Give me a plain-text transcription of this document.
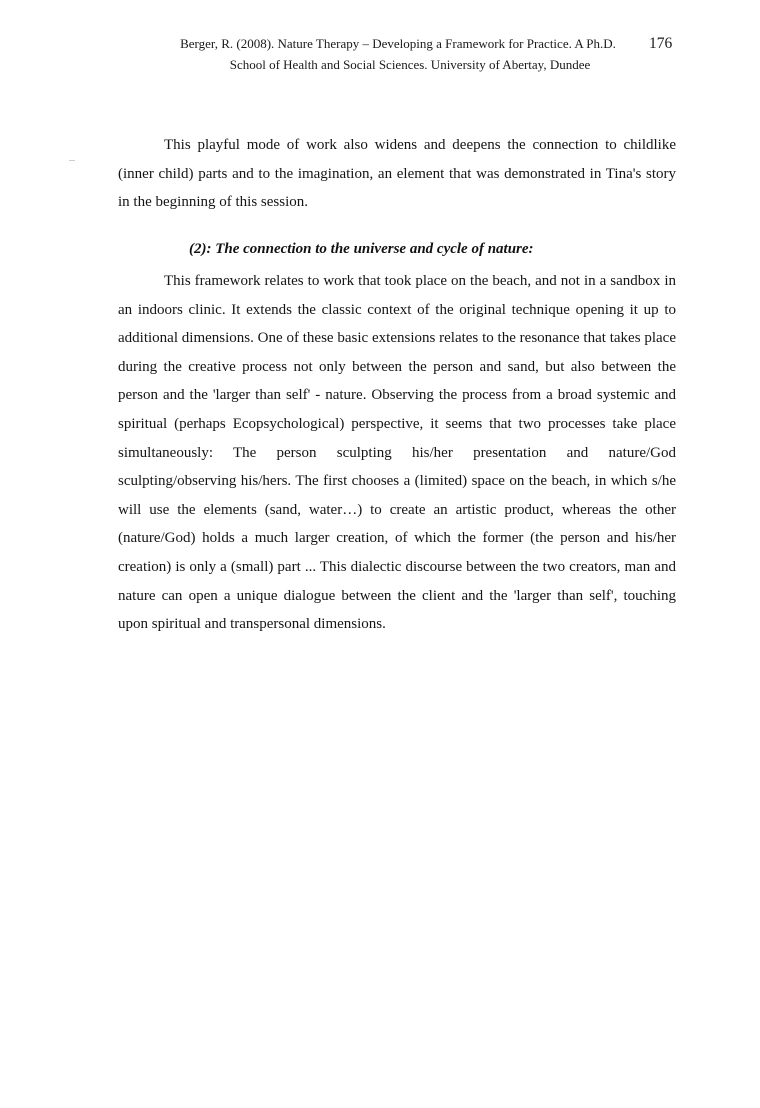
Berger, R. (2008). Nature Therapy – Developing a Framework for Practice. A Ph.D.
School of Health and Social Sciences. University of Abertay, Dundee
176

This playful mode of work also widens and deepens the connection to childlike (inner child) parts and to the imagination, an element that was demonstrated in Tina's story in the beginning of this session.

(2): The connection to the universe and cycle of nature:

This framework relates to work that took place on the beach, and not in a sandbox in an indoors clinic. It extends the classic context of the original technique opening it up to additional dimensions. One of these basic extensions relates to the resonance that takes place during the creative process not only between the person and sand, but also between the person and the 'larger than self' - nature. Observing the process from a broad systemic and spiritual (perhaps Ecopsychological) perspective, it seems that two processes take place simultaneously: The person sculpting his/her presentation and nature/God sculpting/observing his/hers. The first chooses a (limited) space on the beach, in which s/he will use the elements (sand, water…) to create an artistic product, whereas the other (nature/God) holds a much larger creation, of which the former (the person and his/her creation) is only a (small) part ... This dialectic discourse between the two creators, man and nature can open a unique dialogue between the client and the 'larger than self', touching upon spiritual and transpersonal dimensions.
